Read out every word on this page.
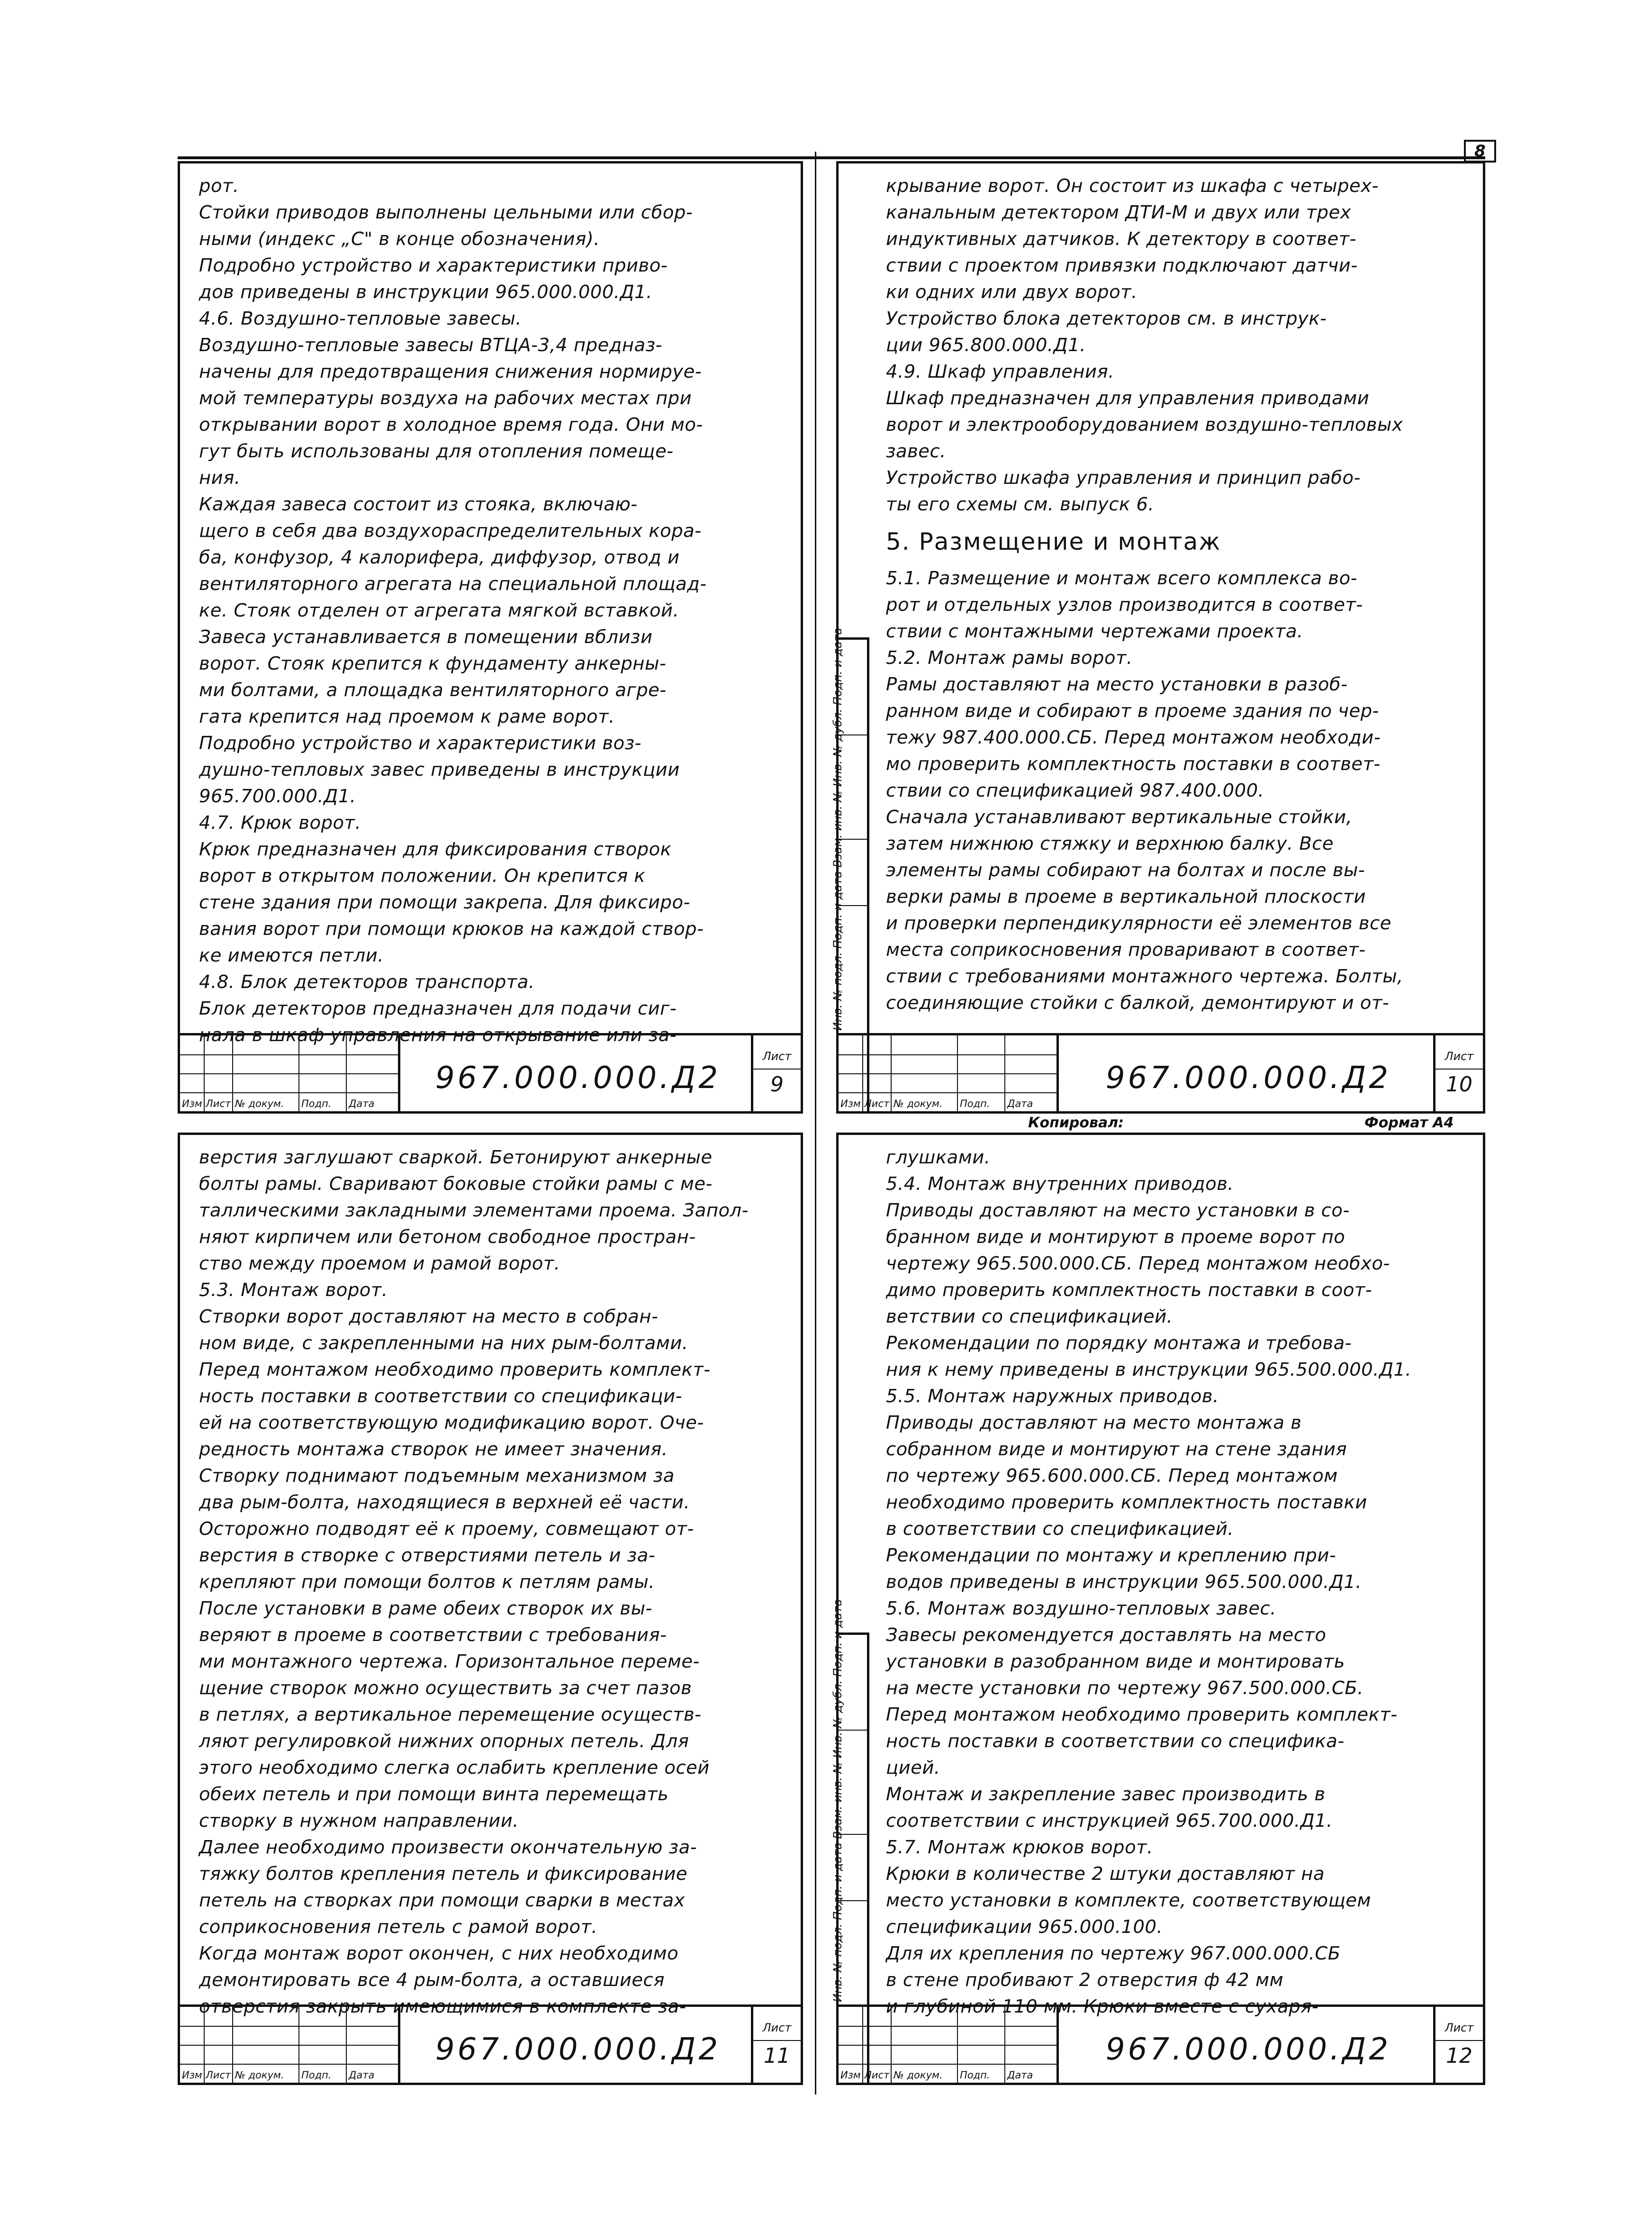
8
рот.
Стойки приводов выполнены цельными или сбор-
ными (индекс „С" в конце обозначения).
Подробно устройство и характеристики приво-
дов приведены в инструкции 965.000.000.Д1.
4.6. Воздушно-тепловые завесы.
Воздушно-тепловые завесы ВТЦА-3,4 предназ-
начены для предотвращения снижения нормируе-
мой температуры воздуха на рабочих местах при
открывании ворот в холодное время года. Они мо-
гут быть использованы для отопления помеще-
ния.
Каждая завеса состоит из стояка, включаю-
щего в себя два воздухораспределительных кора-
ба, конфузор, 4 калорифера, диффузор, отвод и
вентиляторного агрегата на специальной площад-
ке. Стояк отделен от агрегата мягкой вставкой.
Завеса устанавливается в помещении вблизи
ворот. Стояк крепится к фундаменту анкерны-
ми болтами, а площадка вентиляторного агре-
гата крепится над проемом к раме ворот.
Подробно устройство и характеристики воз-
душно-тепловых завес приведены в инструкции
965.700.000.Д1.
4.7. Крюк ворот.
Крюк предназначен для фиксирования створок
ворот в открытом положении. Он крепится к
стене здания при помощи закрепа. Для фиксиро-
вания ворот при помощи крюков на каждой створ-
ке имеются петли.
4.8. Блок детекторов транспорта.
Блок детекторов предназначен для подачи сиг-
нала в шкаф управления на открывание или за-
Изм Лист № докум. Подп. Дата
967.000.000.Д2
Лист
9
Инв. № подл. Подп. и дата Взам. инв. № Инв. № дубл. Подп. и дата
крывание ворот. Он состоит из шкафа с четырех-
канальным детектором ДТИ-М и двух или трех
индуктивных датчиков. К детектору в соответ-
ствии с проектом привязки подключают датчи-
ки одних или двух ворот.
Устройство блока детекторов см. в инструк-
ции 965.800.000.Д1.
4.9. Шкаф управления.
Шкаф предназначен для управления приводами
ворот и электрооборудованием воздушно-тепловых
завес.
Устройство шкафа управления и принцип рабо-
ты его схемы см. выпуск 6.
5. Размещение и монтаж
5.1. Размещение и монтаж всего комплекса во-
рот и отдельных узлов производится в соответ-
ствии с монтажными чертежами проекта.
5.2. Монтаж рамы ворот.
Рамы доставляют на место установки в разоб-
ранном виде и собирают в проеме здания по чер-
тежу 987.400.000.СБ. Перед монтажом необходи-
мо проверить комплектность поставки в соответ-
ствии со спецификацией 987.400.000.
Сначала устанавливают вертикальные стойки,
затем нижнюю стяжку и верхнюю балку. Все
элементы рамы собирают на болтах и после вы-
верки рамы в проеме в вертикальной плоскости
и проверки перпендикулярности её элементов все
места соприкосновения проваривают в соответ-
ствии с требованиями монтажного чертежа. Болты,
соединяющие стойки с балкой, демонтируют и от-
Изм Лист № докум. Подп. Дата
967.000.000.Д2
Лист
10
Копировал:	Формат А4
верстия заглушают сваркой. Бетонируют анкерные
болты рамы. Сваривают боковые стойки рамы с ме-
таллическими закладными элементами проема. Запол-
няют кирпичем или бетоном свободное простран-
ство между проемом и рамой ворот.
5.3. Монтаж ворот.
Створки ворот доставляют на место в собран-
ном виде, с закрепленными на них рым-болтами.
Перед монтажом необходимо проверить комплект-
ность поставки в соответствии со спецификаци-
ей на соответствующую модификацию ворот. Оче-
редность монтажа створок не имеет значения.
Створку поднимают подъемным механизмом за
два рым-болта, находящиеся в верхней её части.
Осторожно подводят её к проему, совмещают от-
верстия в створке с отверстиями петель и за-
крепляют при помощи болтов к петлям рамы.
После установки в раме обеих створок их вы-
веряют в проеме в соответствии с требования-
ми монтажного чертежа. Горизонтальное переме-
щение створок можно осуществить за счет пазов
в петлях, а вертикальное перемещение осуществ-
ляют регулировкой нижних опорных петель. Для
этого необходимо слегка ослабить крепление осей
обеих петель и при помощи винта перемещать
створку в нужном направлении.
Далее необходимо произвести окончательную за-
тяжку болтов крепления петель и фиксирование
петель на створках при помощи сварки в местах
соприкосновения петель с рамой ворот.
Когда монтаж ворот окончен, с них необходимо
демонтировать все 4 рым-болта, а оставшиеся
отверстия закрыть имеющимися в комплекте за-
Изм Лист № докум. Подп. Дата
967.000.000.Д2
Лист
11
Инв. № подл. Подп. и дата Взам. инв. № Инв. № дубл. Подп. и дата
глушками.
5.4. Монтаж внутренних приводов.
Приводы доставляют на место установки в со-
бранном виде и монтируют в проеме ворот по
чертежу 965.500.000.СБ. Перед монтажом необхо-
димо проверить комплектность поставки в соот-
ветствии со спецификацией.
Рекомендации по порядку монтажа и требова-
ния к нему приведены в инструкции 965.500.000.Д1.
5.5. Монтаж наружных приводов.
Приводы доставляют на место монтажа в
собранном виде и монтируют на стене здания
по чертежу 965.600.000.СБ. Перед монтажом
необходимо проверить комплектность поставки
в соответствии со спецификацией.
Рекомендации по монтажу и креплению при-
водов приведены в инструкции 965.500.000.Д1.
5.6. Монтаж воздушно-тепловых завес.
Завесы рекомендуется доставлять на место
установки в разобранном виде и монтировать
на месте установки по чертежу 967.500.000.СБ.
Перед монтажом необходимо проверить комплект-
ность поставки в соответствии со специфика-
цией.
Монтаж и закрепление завес производить в
соответствии с инструкцией 965.700.000.Д1.
5.7. Монтаж крюков ворот.
Крюки в количестве 2 штуки доставляют на
место установки в комплекте, соответствующем
спецификации 965.000.100.
Для их крепления по чертежу 967.000.000.СБ
в стене пробивают 2 отверстия ф 42 мм
и глубиной 110 мм. Крюки вместе с сухаря-
Изм Лист № докум. Подп. Дата
967.000.000.Д2
Лист
12
